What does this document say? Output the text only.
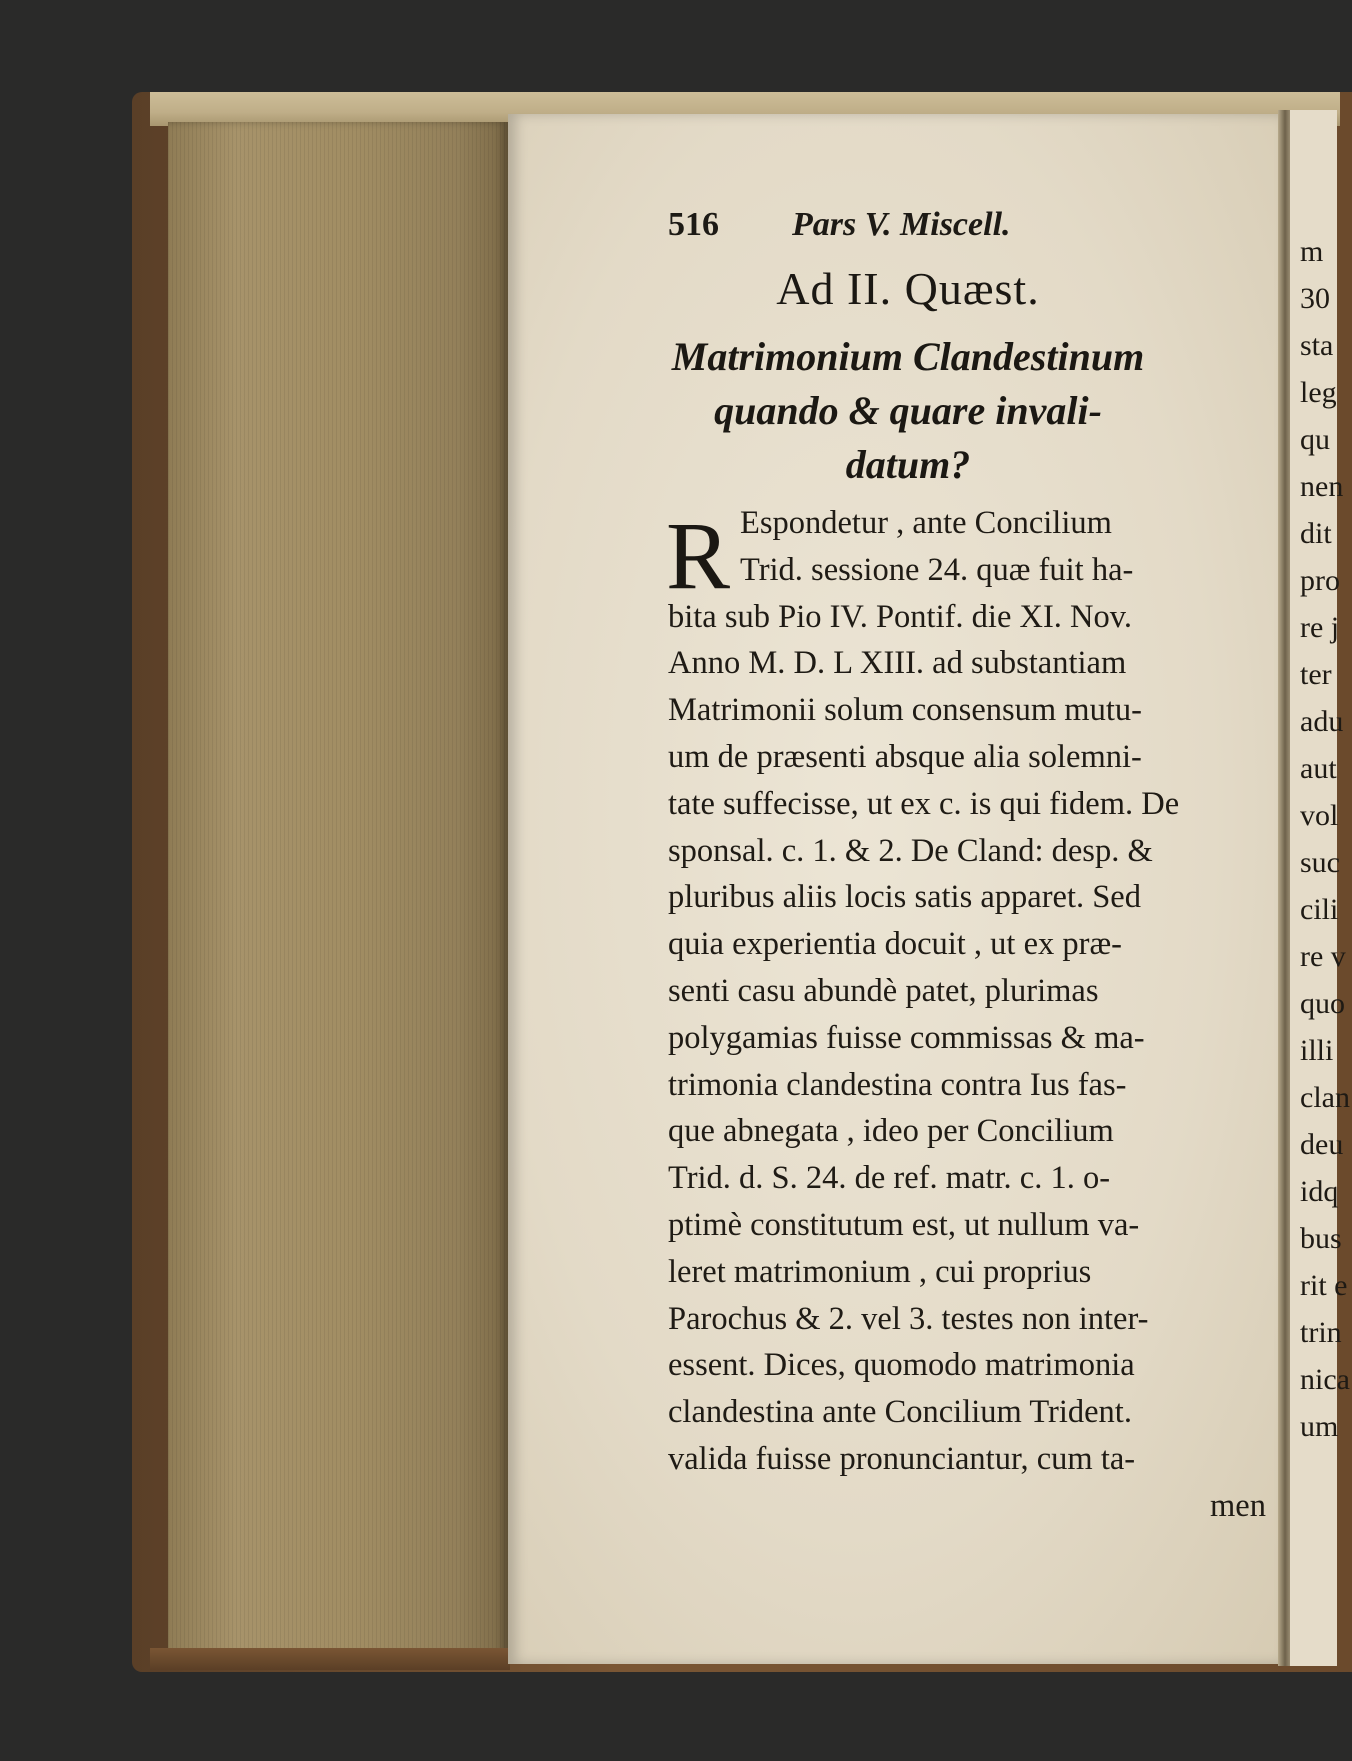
m
30
sta
leg
qu
nen
dit
pro
re j
ter
adu
aut
vol
suc
cili
re v
quo
illi
clan
deu
idq
bus
rit e
trin
nica
um
516 Pars V. Miscell.
Ad II. Quæst.
Matrimonium Clandestinum
quando & quare invali-
datum?
R Espondetur , ante Concilium
Trid. sessione 24. quæ fuit ha-
bita sub Pio IV. Pontif. die XI. Nov.
Anno M. D. L XIII. ad substantiam
Matrimonii solum consensum mutu-
um de præsenti absque alia solemni-
tate suffecisse, ut ex c. is qui fidem. De
sponsal. c. 1. & 2. De Cland: desp. &
pluribus aliis locis satis apparet. Sed
quia experientia docuit , ut ex præ-
senti casu abundè patet, plurimas
polygamias fuisse commissas & ma-
trimonia clandestina contra Ius fas-
que abnegata , ideo per Concilium
Trid. d. S. 24. de ref. matr. c. 1. o-
ptimè constitutum est, ut nullum va-
leret matrimonium , cui proprius
Parochus & 2. vel 3. testes non inter-
essent. Dices, quomodo matrimonia
clandestina ante Concilium Trident.
valida fuisse pronunciantur, cum ta-
men
